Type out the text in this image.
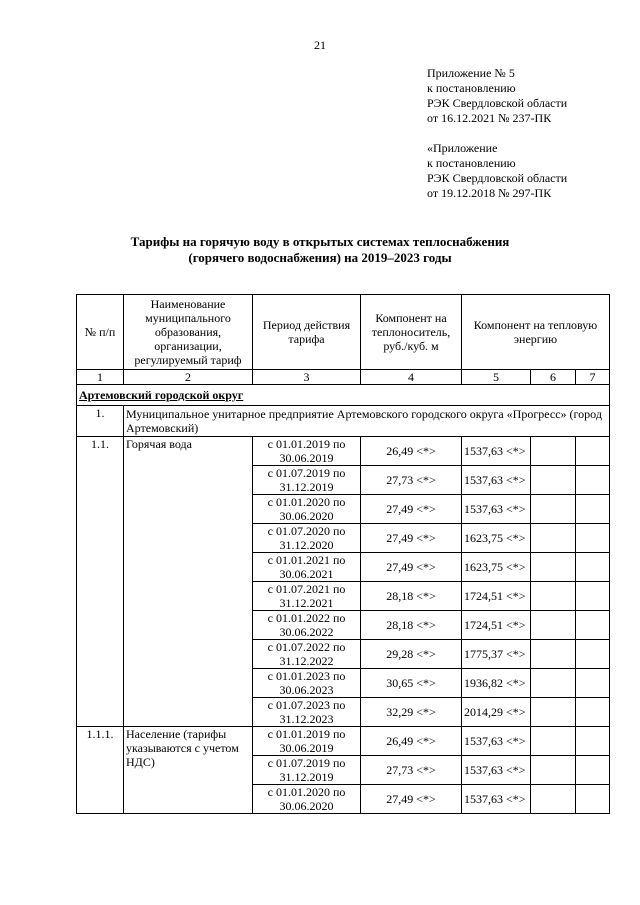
21
Приложение № 5
к постановлению
РЭК Свердловской области
от 16.12.2021 № 237-ПК
«Приложение
к постановлению
РЭК Свердловской области
от 19.12.2018 № 297-ПК
Тарифы на горячую воду в открытых системах теплоснабжения
(горячего водоснабжения) на 2019–2023 годы
№ п/п	Наименование муниципального образования, организации, регулируемый тариф	Период действия тарифа	Компонент на теплоноситель, руб./куб. м	Компонент на тепловую энергию		
1	2	3	4	5	6	7
Артемовский городской округ						
1.	Муниципальное унитарное предприятие Артемовского городского округа «Прогресс» (город Артемовский)					
1.1.	Горячая вода	с 01.01.2019 по 30.06.2019	26,49 <*>	1537,63 <*>		
		с 01.07.2019 по 31.12.2019	27,73 <*>	1537,63 <*>		
		с 01.01.2020 по 30.06.2020	27,49 <*>	1537,63 <*>		
		с 01.07.2020 по 31.12.2020	27,49 <*>	1623,75 <*>		
		с 01.01.2021 по 30.06.2021	27,49 <*>	1623,75 <*>		
		с 01.07.2021 по 31.12.2021	28,18 <*>	1724,51 <*>		
		с 01.01.2022 по 30.06.2022	28,18 <*>	1724,51 <*>		
		с 01.07.2022 по 31.12.2022	29,28 <*>	1775,37 <*>		
		с 01.01.2023 по 30.06.2023	30,65 <*>	1936,82 <*>		
		с 01.07.2023 по 31.12.2023	32,29 <*>	2014,29 <*>		
1.1.1.	Население (тарифы указываются с учетом НДС)	с 01.01.2019 по 30.06.2019	26,49 <*>	1537,63 <*>		
		с 01.07.2019 по 31.12.2019	27,73 <*>	1537,63 <*>		
		с 01.01.2020 по 30.06.2020	27,49 <*>	1537,63 <*>		
